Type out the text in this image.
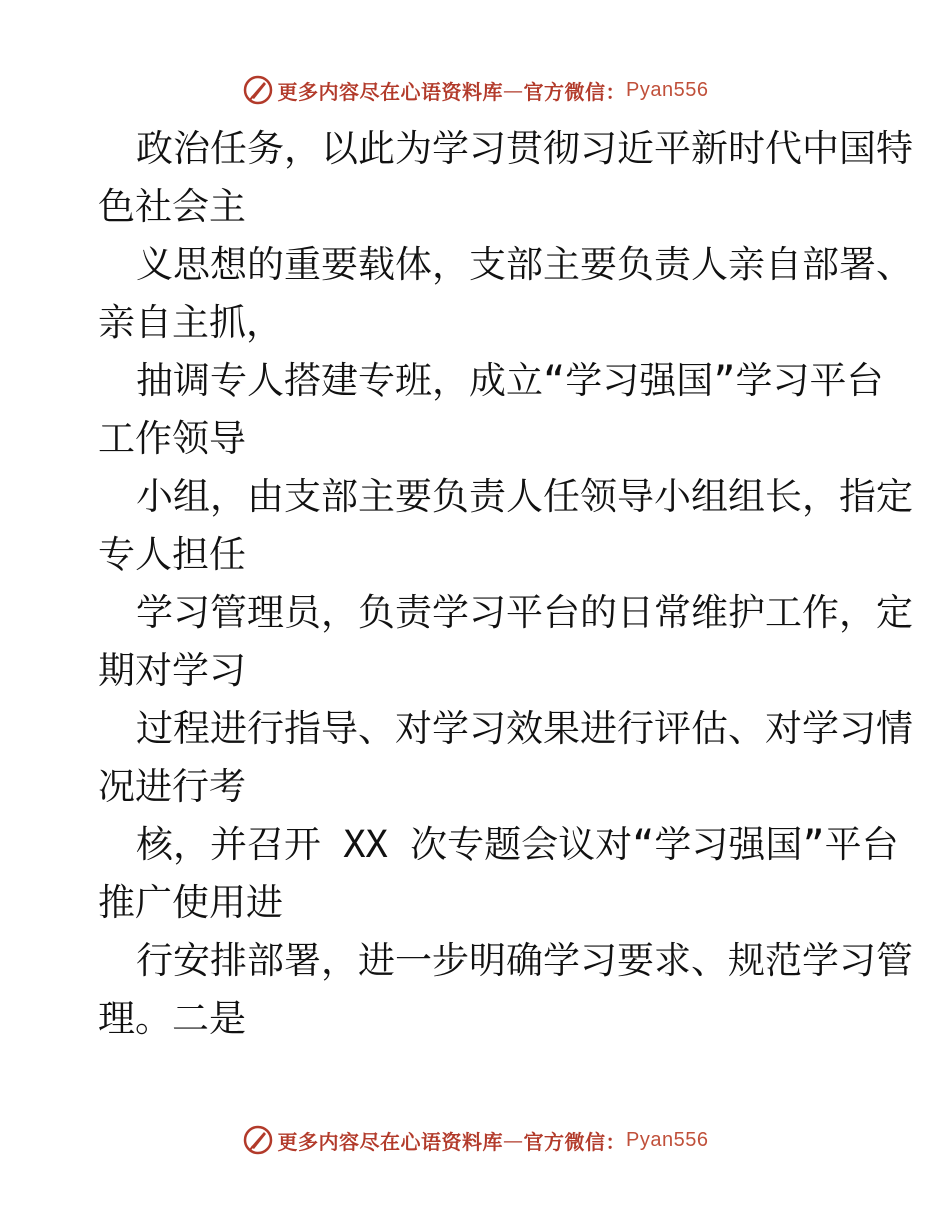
更多内容尽在心语资料库 — 官方微信： Pyan556
政治任务，以此为学习贯彻习近平新时代中国特
色社会主
义思想的重要载体，支部主要负责人亲自部署、
亲自主抓，
抽调专人搭建专班，成立“学习强国”学习平台
工作领导
小组，由支部主要负责人任领导小组组长，指定
专人担任
学习管理员，负责学习平台的日常维护工作，定
期对学习
过程进行指导、对学习效果进行评估、对学习情
况进行考
核，并召开 XX 次专题会议对“学习强国”平台
推广使用进
行安排部署，进一步明确学习要求、规范学习管
理。二是
更多内容尽在心语资料库 — 官方微信： Pyan556
